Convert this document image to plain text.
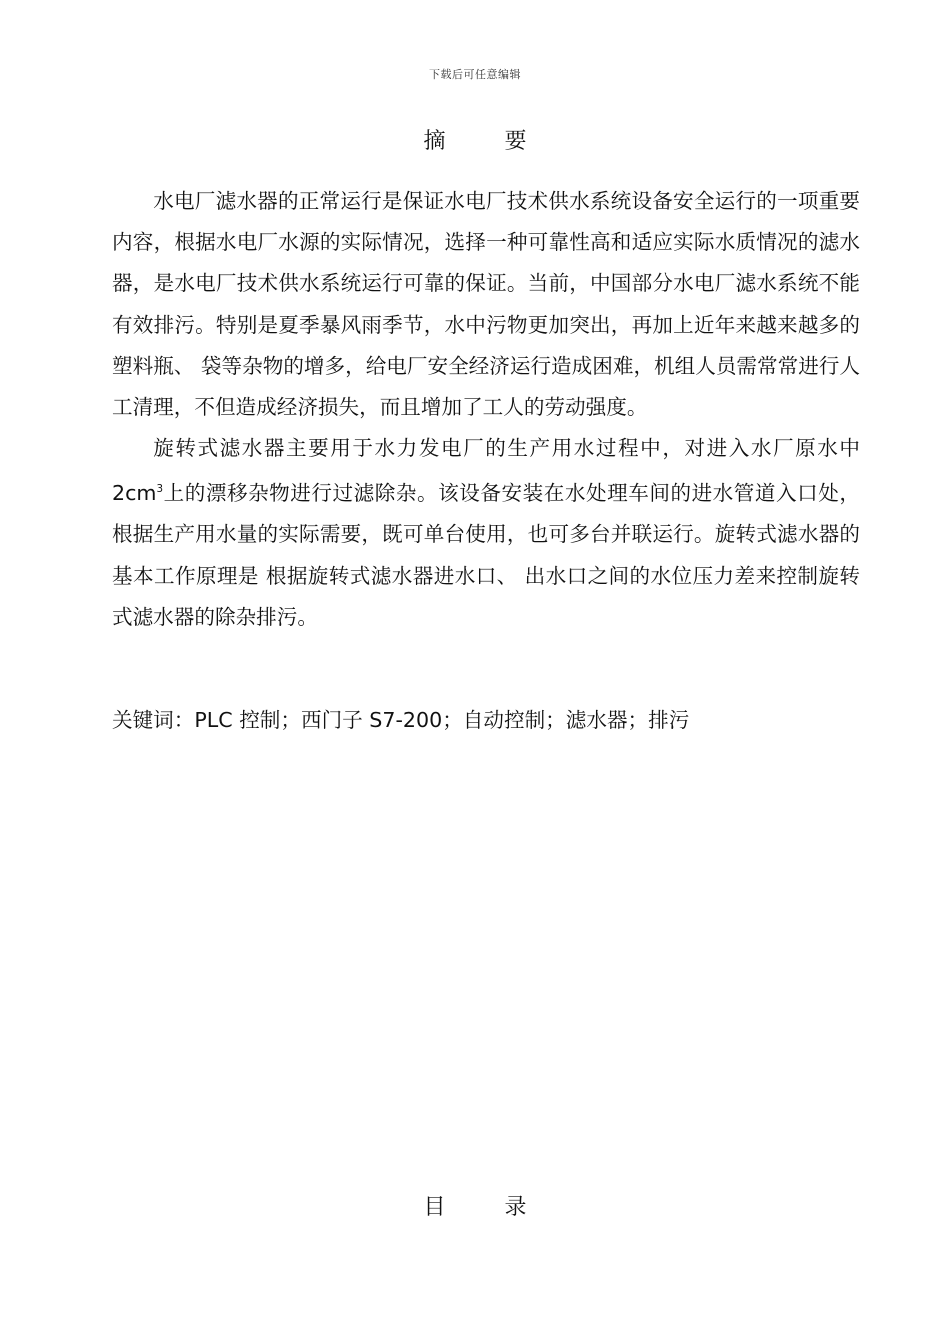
下载后可任意编辑
摘 要

水电厂滤水器的正常运行是保证水电厂技术供水系统设备安全运行的一项重要内容，根据水电厂水源的实际情况，选择一种可靠性高和适应实际水质情况的滤水器，是水电厂技术供水系统运行可靠的保证。当前，中国部分水电厂滤水系统不能有效排污。特别是夏季暴风雨季节，水中污物更加突出，再加上近年来越来越多的塑料瓶、 袋等杂物的增多，给电厂安全经济运行造成困难，机组人员需常常进行人工清理，不但造成经济损失，而且增加了工人的劳动强度。

旋转式滤水器主要用于水力发电厂的生产用水过程中，对进入水厂原水中 $2cm^3$上的漂移杂物进行过滤除杂。该设备安装在水处理车间的进水管道入口处，根据生产用水量的实际需要，既可单台使用，也可多台并联运行。旋转式滤水器的基本工作原理是 根据旋转式滤水器进水口、 出水口之间的水位压力差来控制旋转式滤水器的除杂排污。

关键词：PLC 控制；西门子 S7-200；自动控制；滤水器；排污
目 录
